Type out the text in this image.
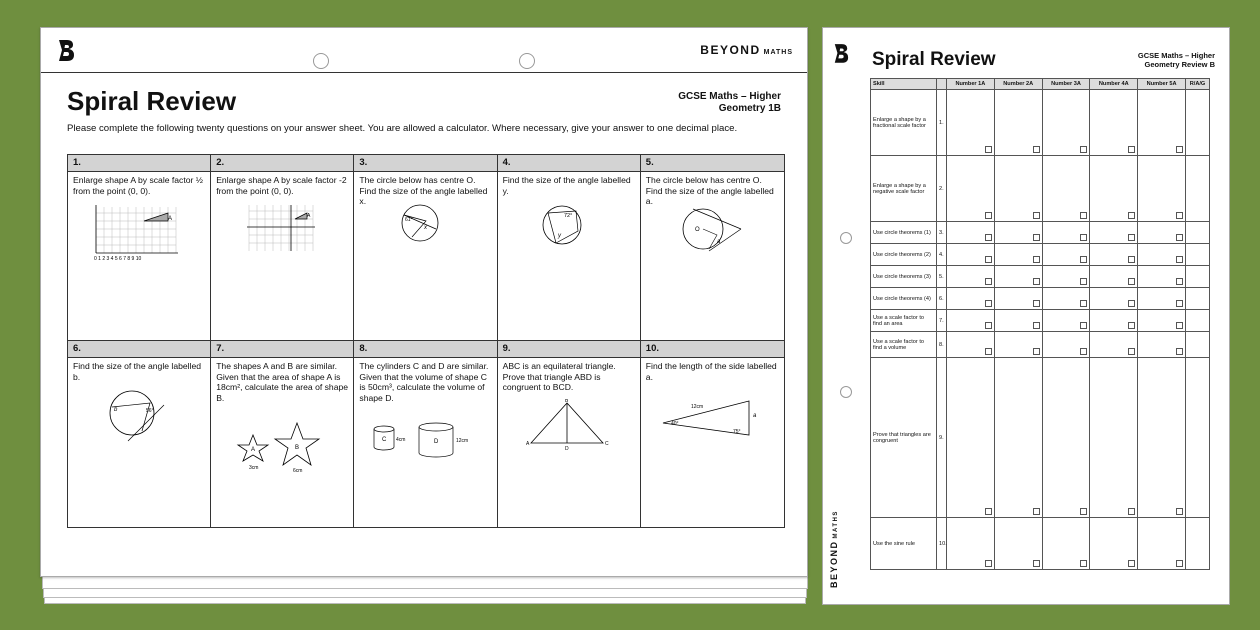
BEYOND MATHS
Spiral Review	GCSE Maths – Higher
Geometry 1B
Please complete the following twenty questions on your answer sheet. You are allowed a calculator. Where necessary, give your answer to one decimal place.
1.
Enlarge shape A by scale factor ½ from the point (0, 0).
A
0 1 2 3 4 5 6 7 8 9 10
2.
Enlarge shape A by scale factor -2 from the point (0, 0).
A
3.
The circle below has centre O. Find the size of the angle labelled x.
61°
x
4.
Find the size of the angle labelled y.
72°
y
5.
The circle below has centre O. Find the size of the angle labelled a.
O
a
6.
Find the size of the angle labelled b.
b	56°
7.
The shapes A and B are similar. Given that the area of shape A is 18cm², calculate the area of shape B.
A	B
3cm	6cm
8.
The cylinders C and D are similar. Given that the volume of shape C is 50cm³, calculate the volume of shape D.
C	D
4cm	12cm
9.
ABC is an equilateral triangle. Prove that triangle ABD is congruent to BCD.
B
A	C
D
10.
Find the length of the side labelled a.
12cm
a
40°
75°
BEYONDMATHS
Spiral Review	GCSE Maths – Higher
Geometry Review B
Skill		Number 1A	Number 2A	Number 3A	Number 4A	Number 5A	R/A/G
Enlarge a shape by a fractional scale factor	1.	

Enlarge a shape by a negative scale factor	2.	

Use circle theorems (1)	3.	

Use circle theorems (2)	4.	

Use circle theorems (3)	5.	

Use circle theorems (4)	6.	

Use a scale factor to find an area	7.	

Use a scale factor to find a volume	8.	

Prove that triangles are congruent	9.	

Use the sine rule	10.	
